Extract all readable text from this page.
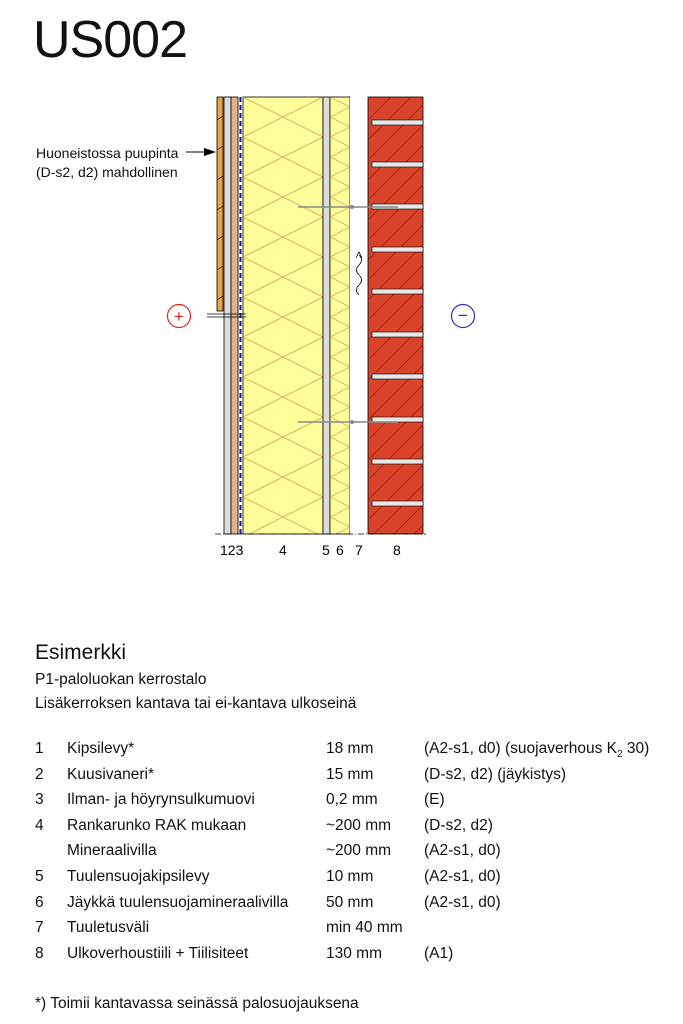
US002
Huoneistossa puupinta
(D-s2, d2) mahdollinen
+	−
123	4	5 6 7 8
Esimerkki
P1-paloluokan kerrostalo
Lisäkerroksen kantava tai ei-kantava ulkoseinä
1 Kipsilevy*	18 mm	(A2-s1, d0) (suojaverhous $K_2$ 30)
2 Kuusivaneri*	15 mm	(D-s2, d2) (jäykistys)
3 Ilman- ja höyrynsulkumuovi	0,2 mm	(E)
4 Rankarunko RAK mukaan	~200 mm (D-s2, d2)
Mineraalivilla	~200 mm (A2-s1, d0)
5 Tuulensuojakipsilevy	10 mm	(A2-s1, d0)
6 Jäykkä tuulensuojamineraalivilla 50 mm	(A2-s1, d0)
7 Tuuletusväli	min 40 mm
8 Ulkoverhoustiili + Tiilisiteet	130 mm	(A1)
*) Toimii kantavassa seinässä palosuojauksena
